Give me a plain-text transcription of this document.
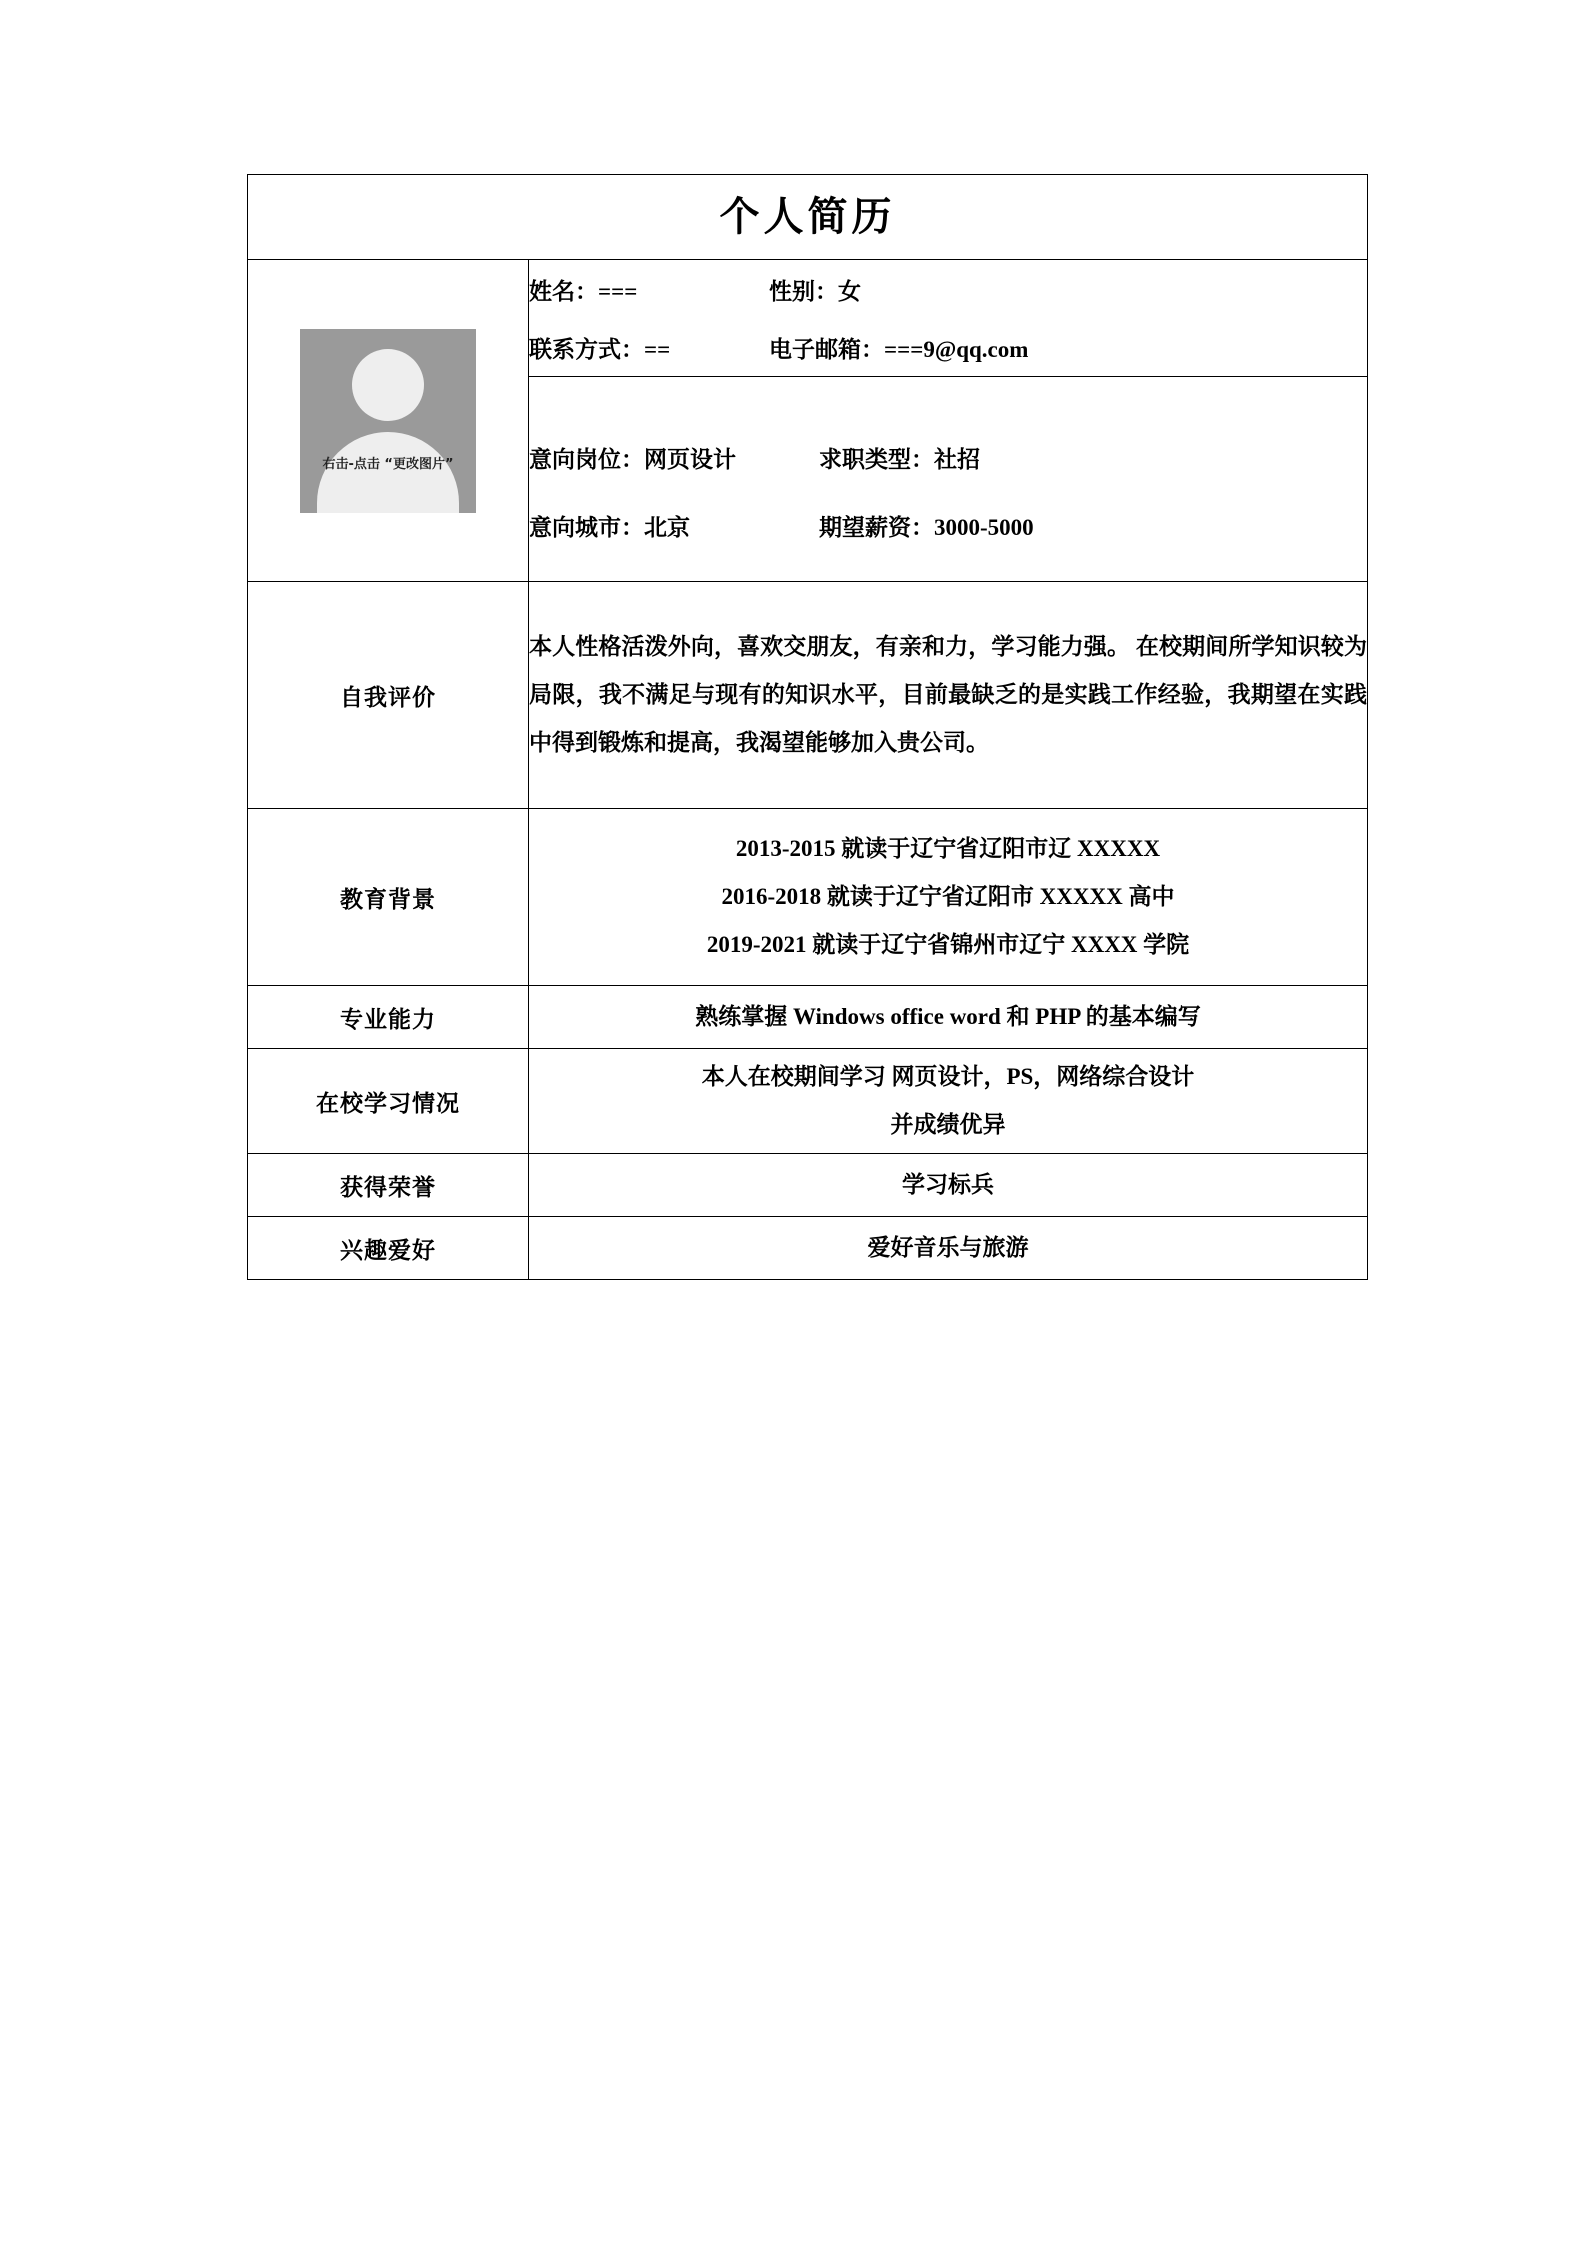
个人简历	

右击-点击 “更改图片”	姓名：=== 性别：女
联系方式：== 电子邮箱：===9@qq.com

	意向岗位：网页设计 求职类型：社招
意向城市：北京 期望薪资：3000-5000

自我评价	本人性格活泼外向，喜欢交朋友，有亲和力，学习能力强。 在校期间所学知识较为局限，我不满足与现有的知识水平，目前最缺乏的是实践工作经验，我期望在实践中得到锻炼和提高，我渴望能够加入贵公司。
教育背景	2013-2015 就读于辽宁省辽阳市辽 XXXXX
2016-2018 就读于辽宁省辽阳市 XXXXX 高中
2019-2021 就读于辽宁省锦州市辽宁 XXXX 学院

专业能力	熟练掌握 Windows office word 和 PHP 的基本编写

在校学习情况	本人在校期间学习 网页设计，PS，网络综合设计
并成绩优异

获得荣誉	学习标兵

兴趣爱好	爱好音乐与旅游
